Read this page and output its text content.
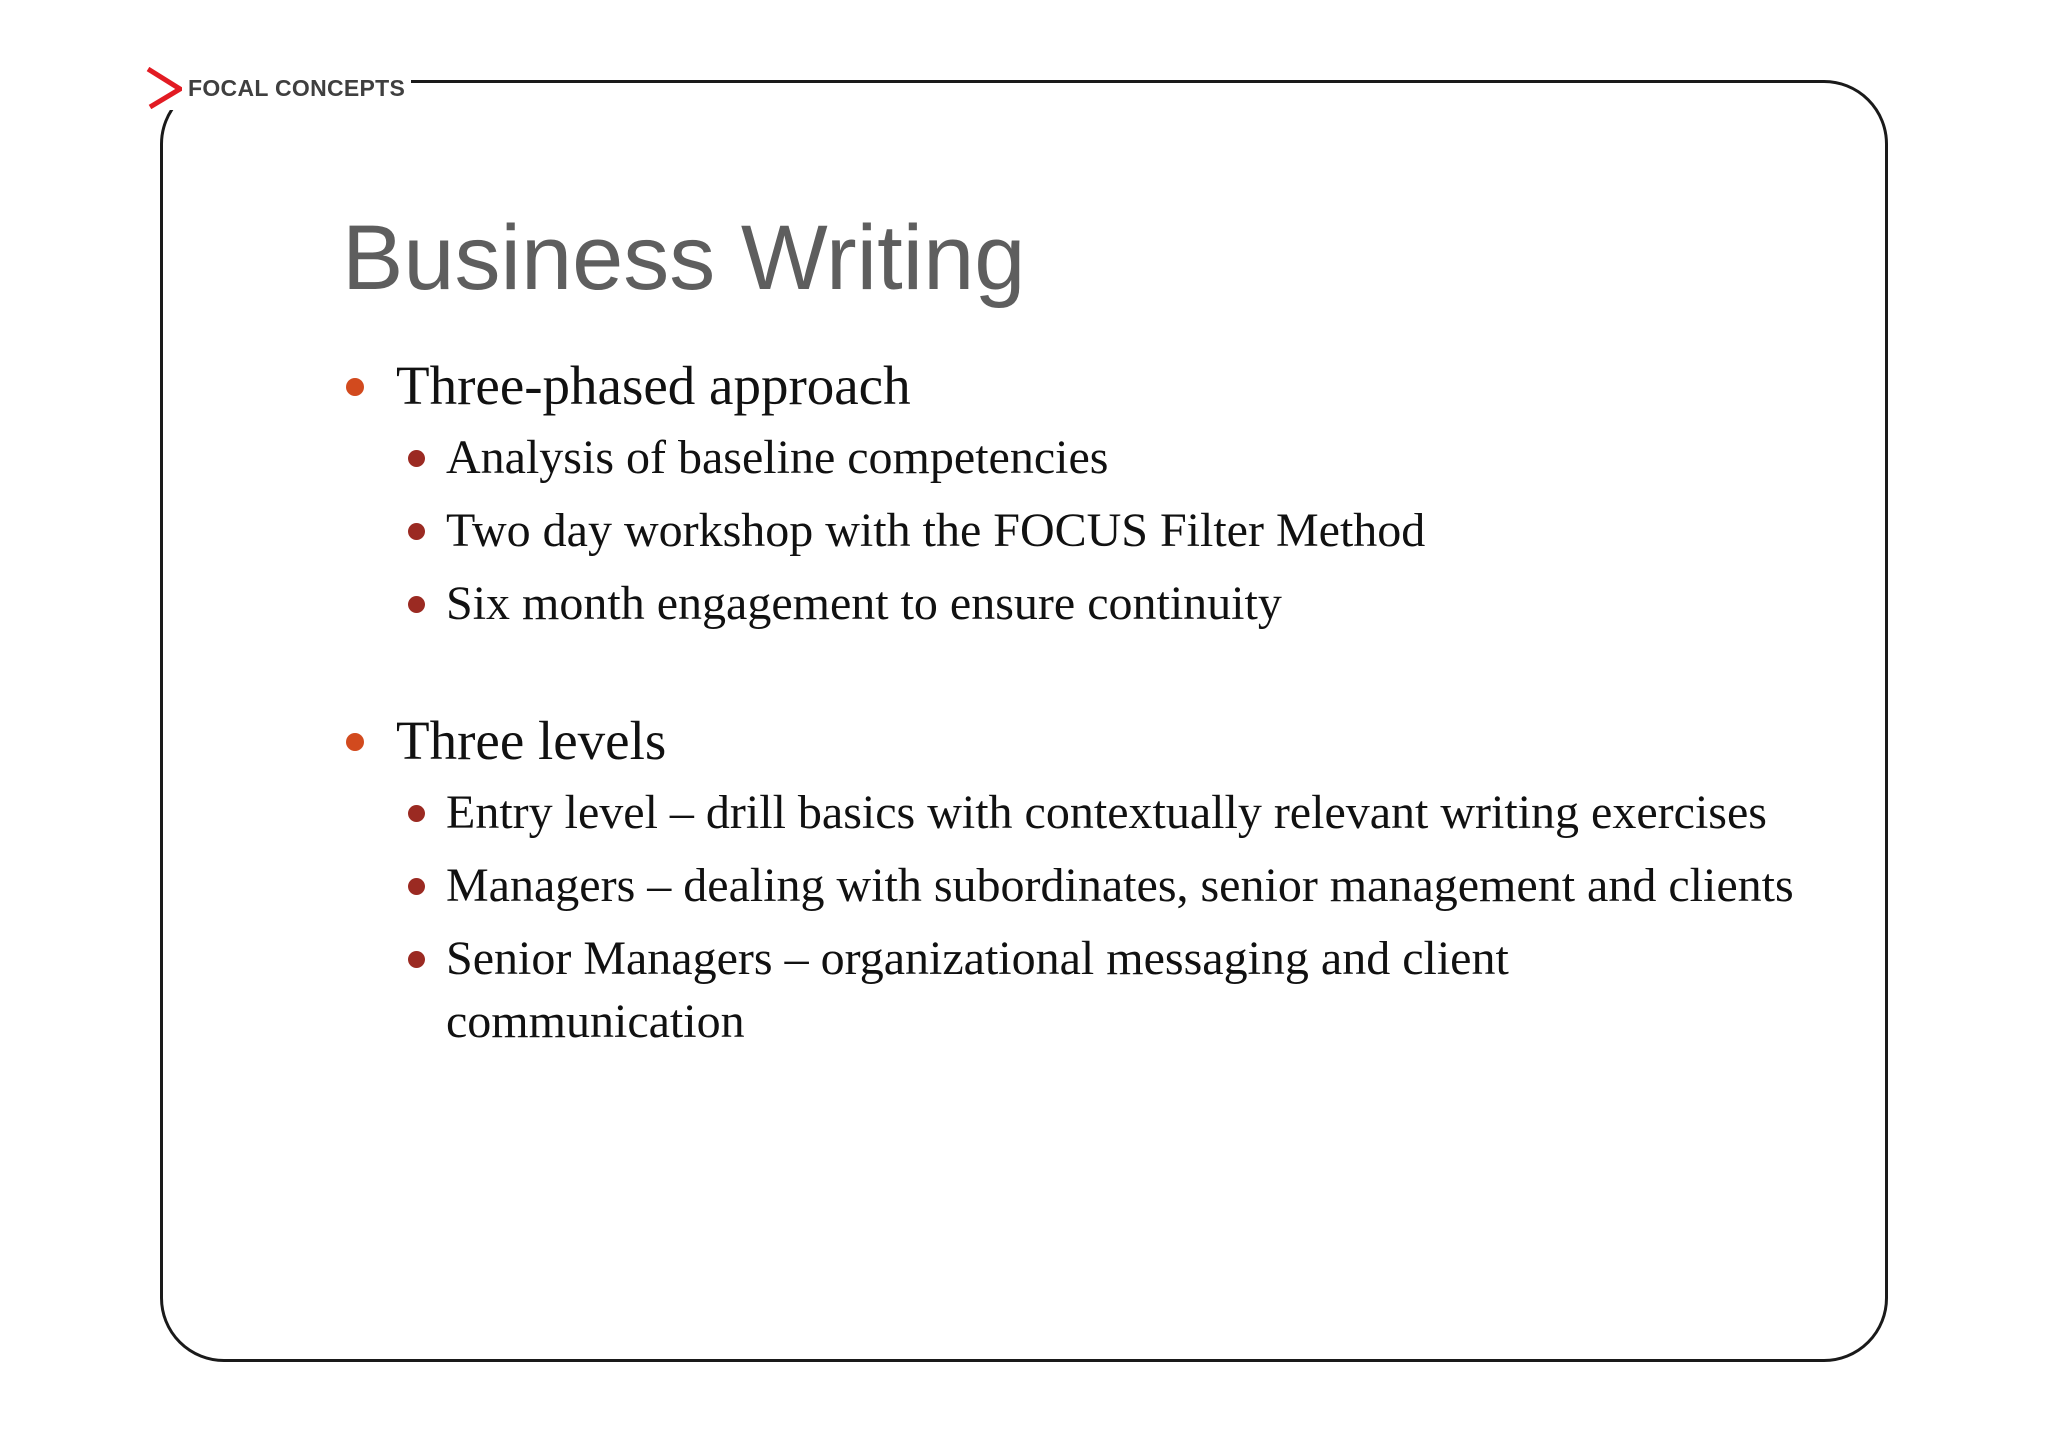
FOCAL CONCEPTS
Business Writing

Three-phased approach

Analysis of baseline competencies

Two day workshop with the FOCUS Filter Method

Six month engagement to ensure continuity

Three levels

Entry level – drill basics with contextually relevant writing exercises

Managers – dealing with subordinates, senior management and clients

Senior Managers – organizational messaging and client communication
